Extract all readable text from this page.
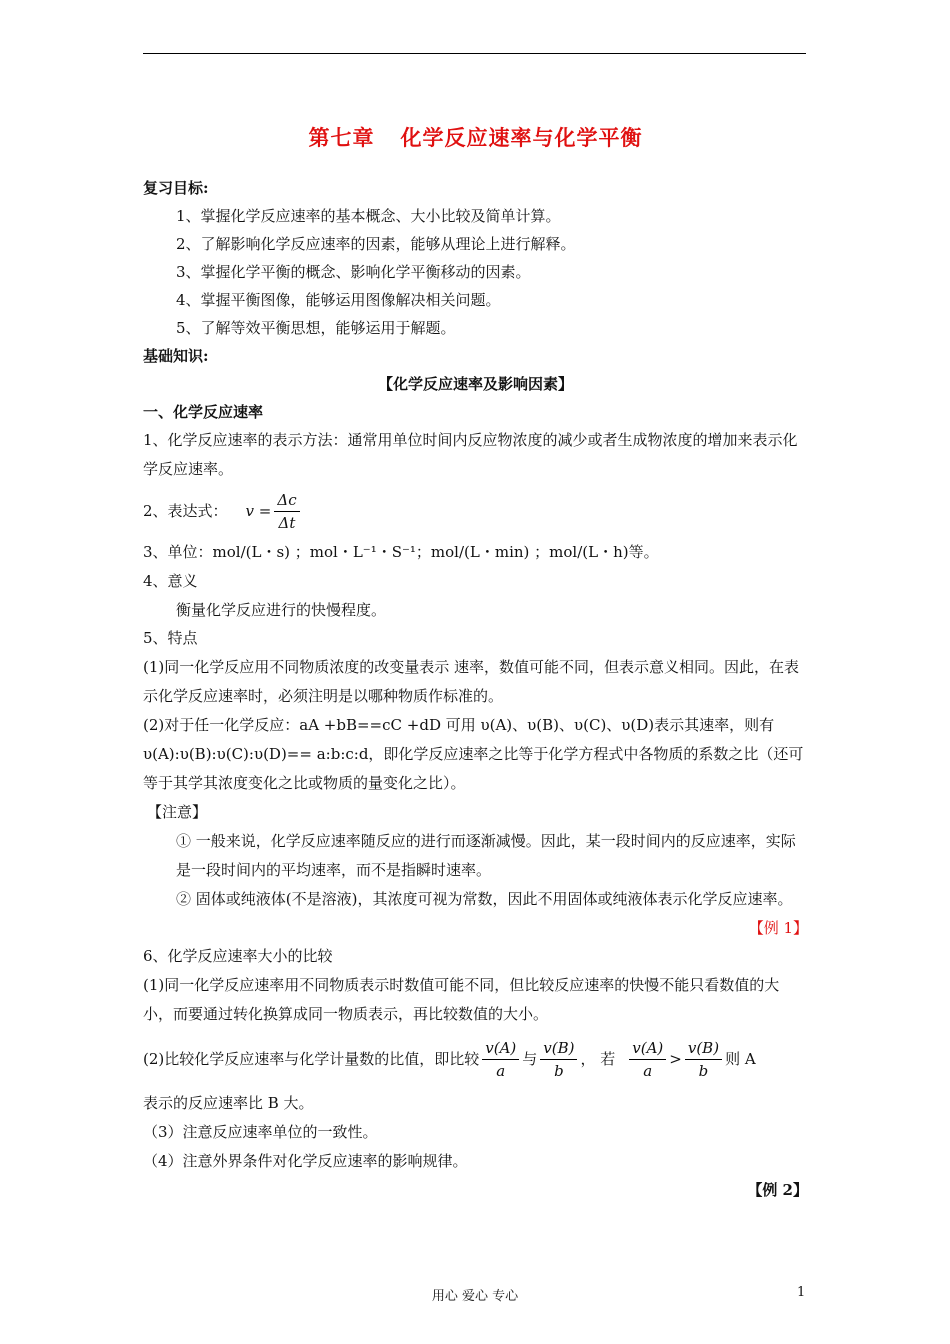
第七章 化学反应速率与化学平衡
复习目标:
1、掌握化学反应速率的基本概念、大小比较及简单计算。
2、了解影响化学反应速率的因素，能够从理论上进行解释。
3、掌握化学平衡的概念、影响化学平衡移动的因素。
4、掌握平衡图像，能够运用图像解决相关问题。
5、了解等效平衡思想，能够运用于解题。
基础知识:
【化学反应速率及影响因素】
一、化学反应速率
1、化学反应速率的表示方法：通常用单位时间内反应物浓度的减少或者生成物浓度的增加来表示化学反应速率。
2、表达式： $v = \frac{\Delta c}{\Delta t}$
3、单位：mol/(L・s) ；mol・L⁻¹・S⁻¹；mol/(L・min) ；mol/(L・h)等。
4、意义
衡量化学反应进行的快慢程度。
5、特点
(1)同一化学反应用不同物质浓度的改变量表示 速率，数值可能不同，但表示意义相同。因此，在表示化学反应速率时，必须注明是以哪种物质作标准的。
(2)对于任一化学反应：aA +bB==cC +dD 可用 υ(A)、υ(B)、υ(C)、υ(D)表示其速率，则有υ(A):υ(B):υ(C):υ(D)== a:b:c:d，即化学反应速率之比等于化学方程式中各物质的系数之比（还可等于其学其浓度变化之比或物质的量变化之比）。
【注意】
① 一般来说，化学反应速率随反应的进行而逐渐减慢。因此，某一段时间内的反应速率，实际是一段时间内的平均速率，而不是指瞬时速率。
② 固体或纯液体(不是溶液)，其浓度可视为常数，因此不用固体或纯液体表示化学反应速率。
【例 1】
6、化学反应速率大小的比较
(1)同一化学反应速率用不同物质表示时数值可能不同，但比较反应速率的快慢不能只看数值的大小，而要通过转化换算成同一物质表示，再比较数值的大小。
(2)比较化学反应速率与化学计量数的比值，即比较 $\frac{v(A)}{a}$ 与 $\frac{v(B)}{b}$ ， 若 $\frac{v(A)}{a} > \frac{v(B)}{b}$ 则 A
表示的反应速率比 B 大。
（3）注意反应速率单位的一致性。
（4）注意外界条件对化学反应速率的影响规律。
【例 2】
用心 爱心 专心	1
